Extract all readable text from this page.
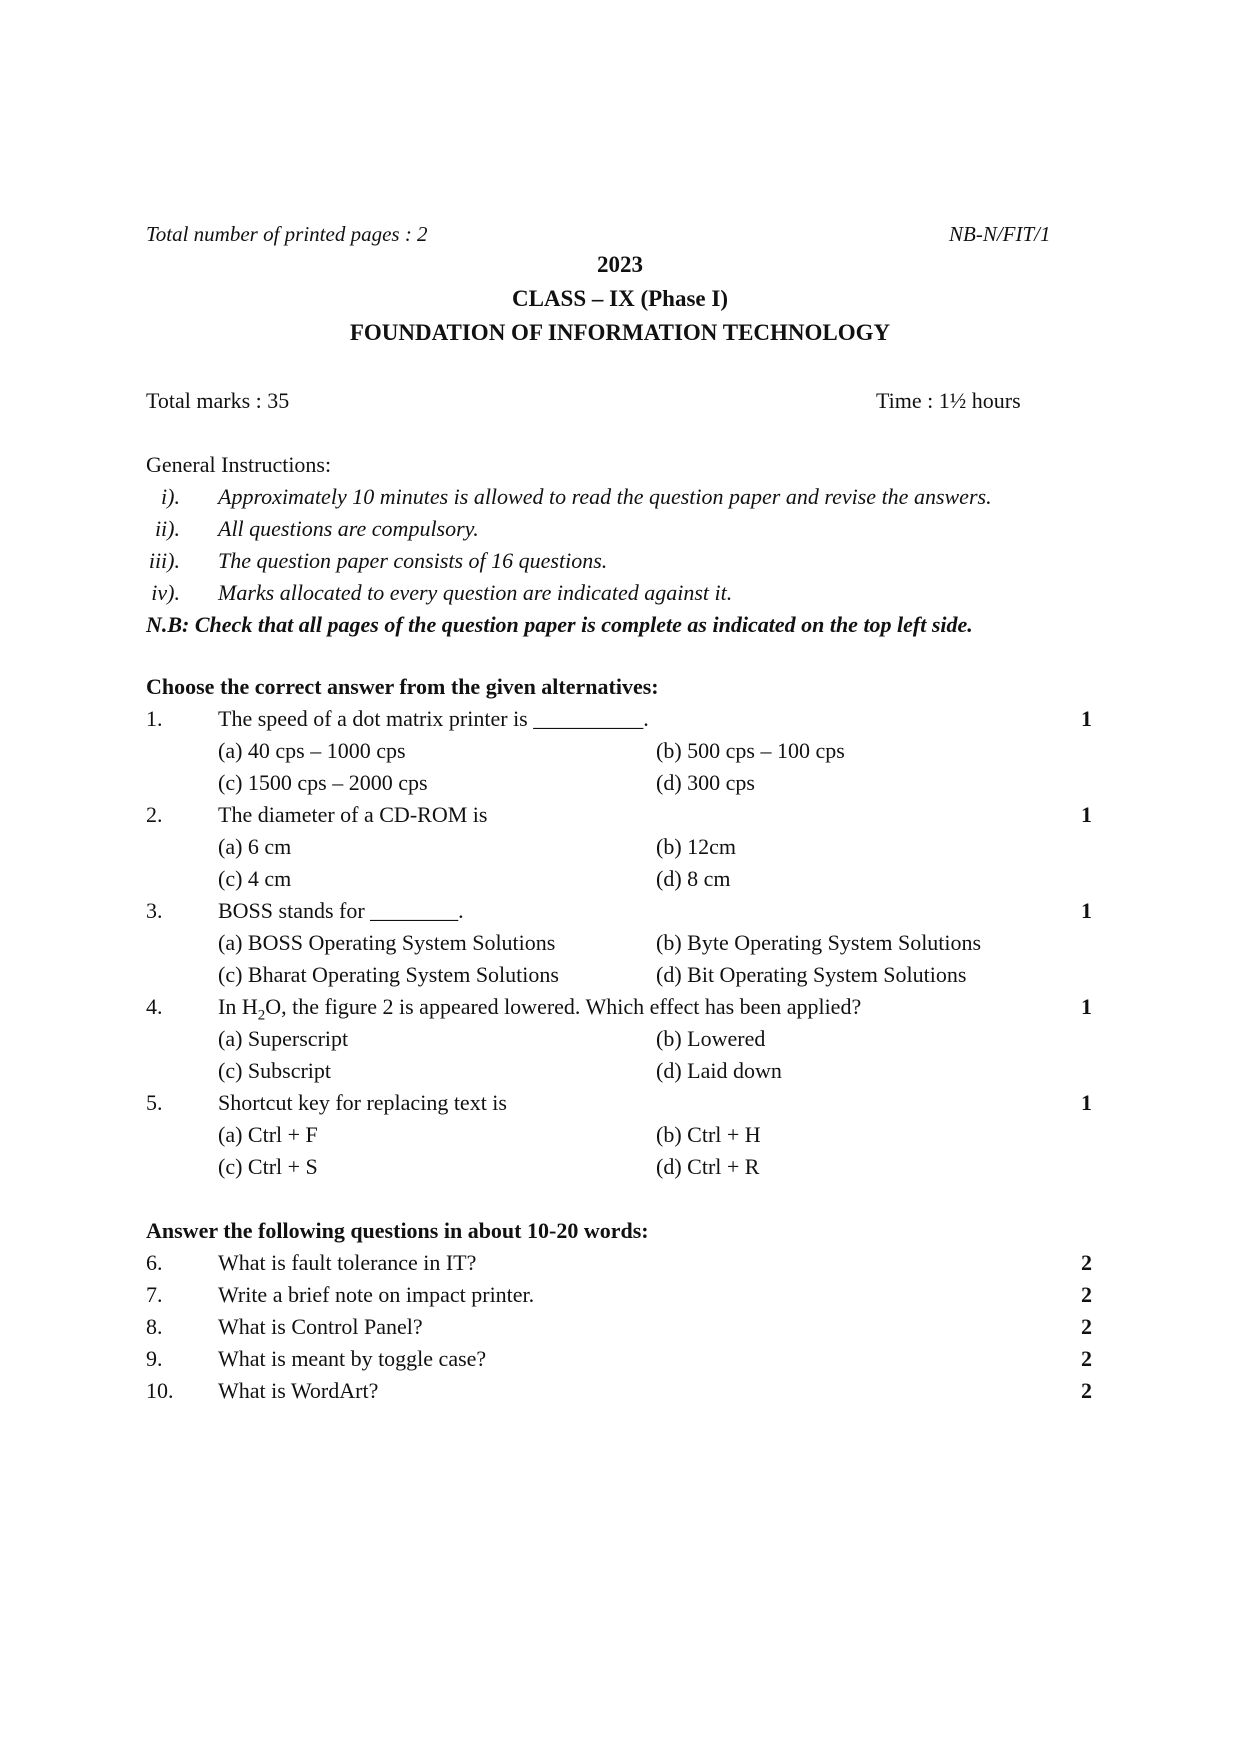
Total number of printed pages : 2	NB-N/FIT/1
2023
CLASS – IX (Phase I)
FOUNDATION OF INFORMATION TECHNOLOGY
Total marks : 35	Time : 1½ hours
General Instructions:
i). Approximately 10 minutes is allowed to read the question paper and revise the answers.
ii). All questions are compulsory.
iii). The question paper consists of 16 questions.
iv). Marks allocated to every question are indicated against it.
N.B: Check that all pages of the question paper is complete as indicated on the top left side.
Choose the correct answer from the given alternatives:
1.	The speed of a dot matrix printer is __________.	1
(a) 40 cps – 1000 cps	(b) 500 cps – 100 cps
(c) 1500 cps – 2000 cps	(d) 300 cps
2.	The diameter of a CD-ROM is	1
(a) 6 cm	(b) 12cm
(c) 4 cm	(d) 8 cm
3.	BOSS stands for ________.	1
(a) BOSS Operating System Solutions	(b) Byte Operating System Solutions
(c) Bharat Operating System Solutions	(d) Bit Operating System Solutions
4.	In $H_2O$, the figure 2 is appeared lowered. Which effect has been applied?	1
(a) Superscript	(b) Lowered
(c) Subscript	(d) Laid down
5.	Shortcut key for replacing text is	1
(a) Ctrl + F	(b) Ctrl + H
(c) Ctrl + S	(d) Ctrl + R
Answer the following questions in about 10-20 words:
6.	What is fault tolerance in IT?	2
7.	Write a brief note on impact printer.	2
8.	What is Control Panel?	2
9.	What is meant by toggle case?	2
10. What is WordArt?	2
